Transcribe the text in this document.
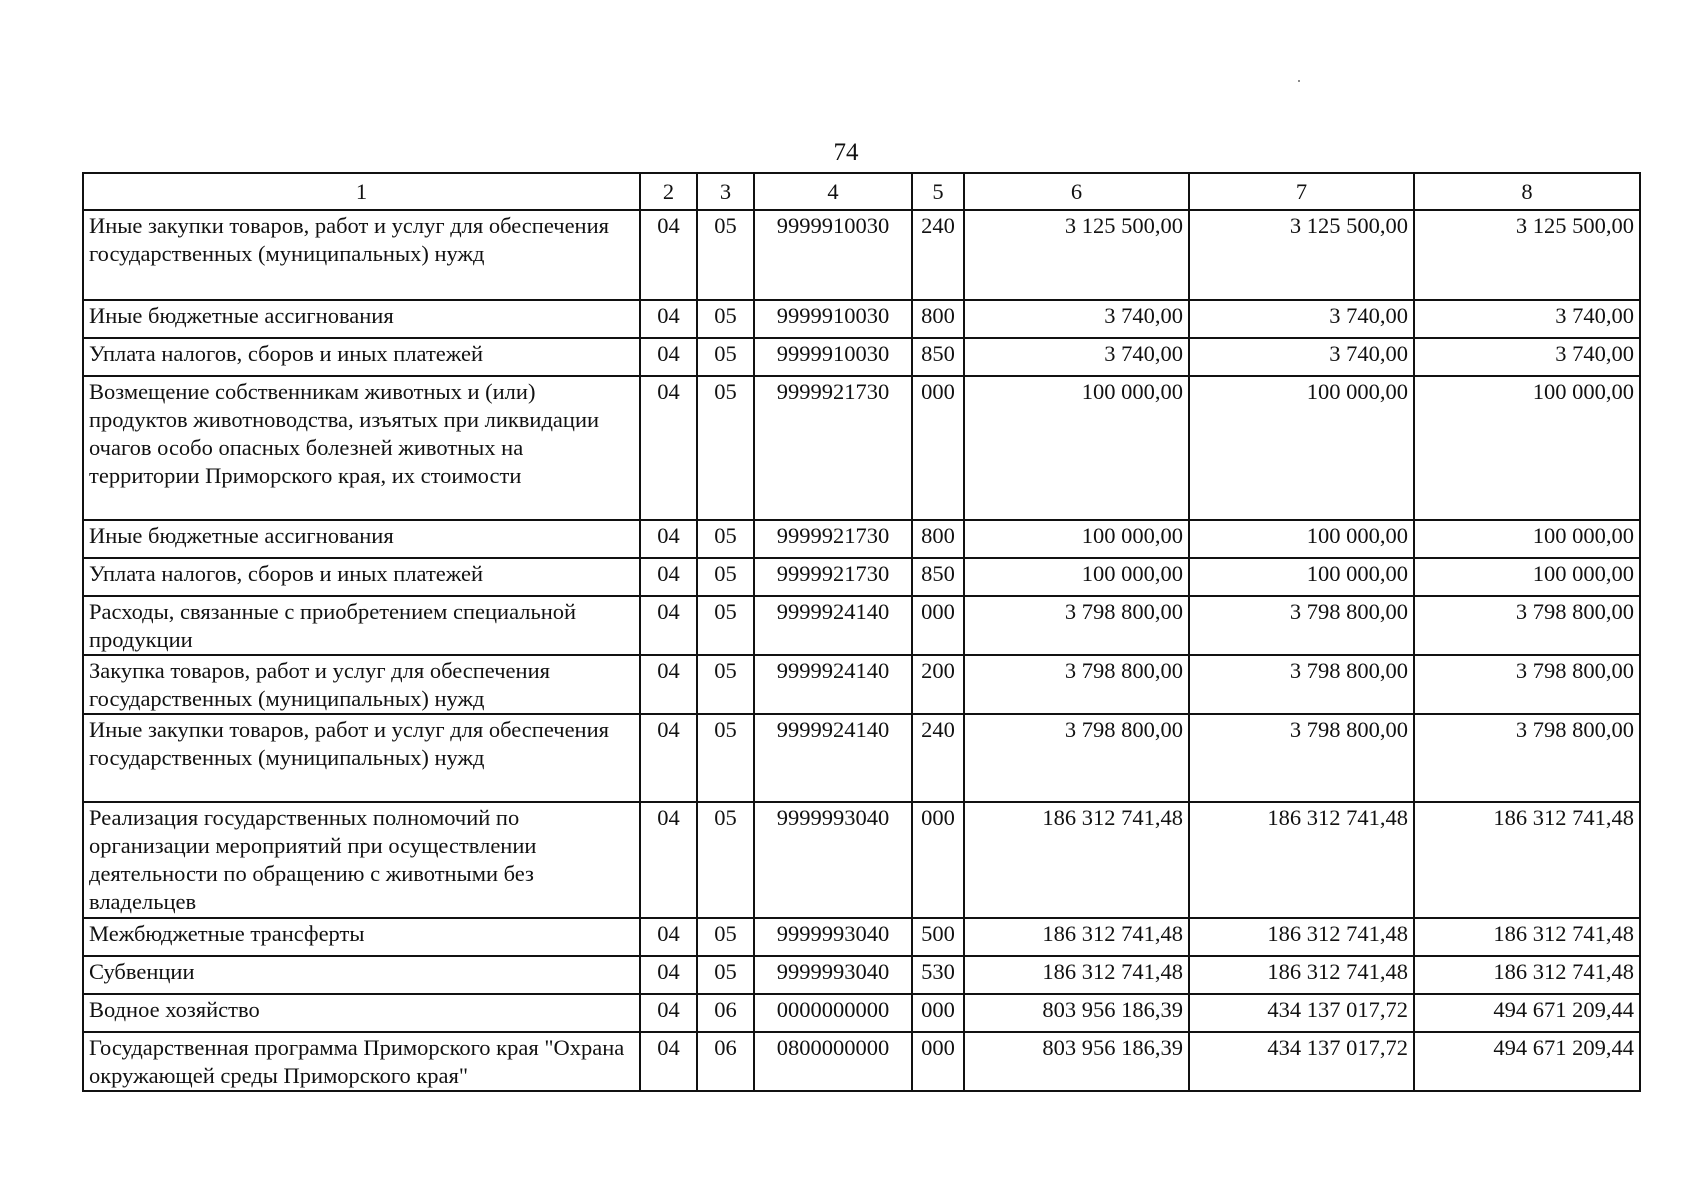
74
1	2	3	4	5	6	7	8
Иные закупки товаров, работ и услуг для обеспечения государственных (муниципальных) нужд	04	05	9999910030	240	3 125 500,00	3 125 500,00	3 125 500,00
Иные бюджетные ассигнования	04	05	9999910030	800	3 740,00	3 740,00	3 740,00
Уплата налогов, сборов и иных платежей	04	05	9999910030	850	3 740,00	3 740,00	3 740,00
Возмещение собственникам животных и (или) продуктов животноводства, изъятых при ликвидации очагов особо опасных болезней животных на территории Приморского края, их стоимости	04	05	9999921730	000	100 000,00	100 000,00	100 000,00
Иные бюджетные ассигнования	04	05	9999921730	800	100 000,00	100 000,00	100 000,00
Уплата налогов, сборов и иных платежей	04	05	9999921730	850	100 000,00	100 000,00	100 000,00
Расходы, связанные с приобретением специальной продукции	04	05	9999924140	000	3 798 800,00	3 798 800,00	3 798 800,00
Закупка товаров, работ и услуг для обеспечения государственных (муниципальных) нужд	04	05	9999924140	200	3 798 800,00	3 798 800,00	3 798 800,00
Иные закупки товаров, работ и услуг для обеспечения государственных (муниципальных) нужд	04	05	9999924140	240	3 798 800,00	3 798 800,00	3 798 800,00
Реализация государственных полномочий по организации мероприятий при осуществлении деятельности по обращению с животными без владельцев	04	05	9999993040	000	186 312 741,48	186 312 741,48	186 312 741,48
Межбюджетные трансферты	04	05	9999993040	500	186 312 741,48	186 312 741,48	186 312 741,48
Субвенции	04	05	9999993040	530	186 312 741,48	186 312 741,48	186 312 741,48
Водное хозяйство	04	06	0000000000	000	803 956 186,39	434 137 017,72	494 671 209,44
Государственная программа Приморского края "Охрана окружающей среды Приморского края"	04	06	0800000000	000	803 956 186,39	434 137 017,72	494 671 209,44
